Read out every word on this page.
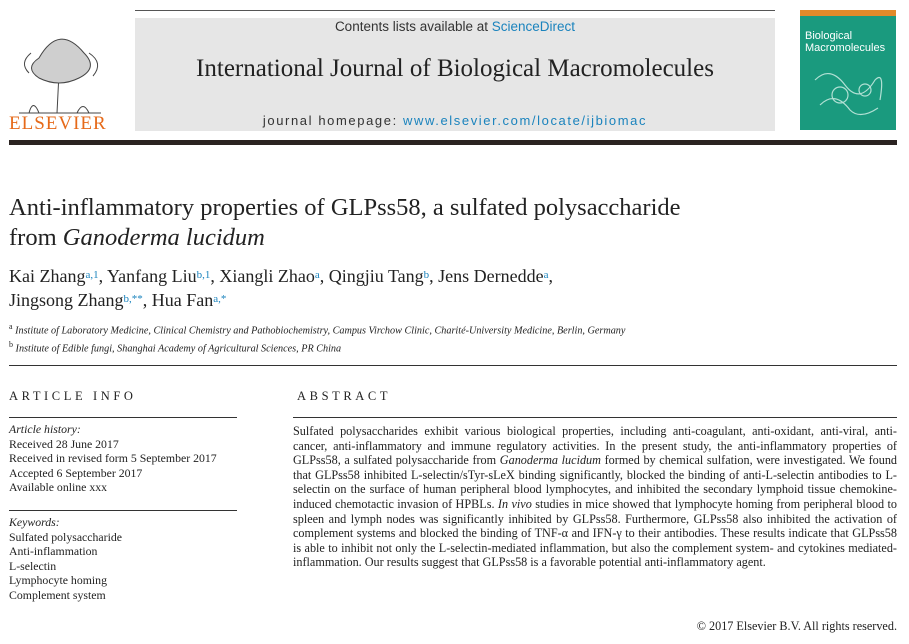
ELSEVIER
Contents lists available at ScienceDirect
International Journal of Biological Macromolecules
journal homepage: www.elsevier.com/locate/ijbiomac
Biological Macromolecules
Anti-inflammatory properties of GLPss58, a sulfated polysaccharide
from Ganoderma lucidum
Kai Zhang$^{a,1}$, Yanfang Liu$^{b,1}$, Xiangli Zhao$^a$, Qingjiu Tang$^b$, Jens Dernedde$^a$,
Jingsong Zhang$^{b,**}$, Hua Fan$^{a,*}$
$^a$ Institute of Laboratory Medicine, Clinical Chemistry and Pathobiochemistry, Campus Virchow Clinic, Charité-University Medicine, Berlin, Germany
$^b$ Institute of Edible fungi, Shanghai Academy of Agricultural Sciences, PR China
ARTICLE INFO	ABSTRACT
Article history:
Received 28 June 2017
Received in revised form 5 September 2017
Accepted 6 September 2017
Available online xxx
Keywords:
Sulfated polysaccharide
Anti-inflammation
L-selectin
Lymphocyte homing
Complement system
Sulfated polysaccharides exhibit various biological properties, including anti-coagulant, anti-oxidant, anti-viral, anti-cancer, anti-inflammatory and immune regulatory activities. In the present study, the anti-inflammatory properties of GLPss58, a sulfated polysaccharide from Ganoderma lucidum formed by chemical sulfation, were investigated. We found that GLPss58 inhibited L-selectin/sTyr-sLeX binding significantly, blocked the binding of anti-L-selectin antibodies to L-selectin on the surface of human peripheral blood lymphocytes, and inhibited the secondary lymphoid tissue chemokine-induced chemotactic invasion of HPBLs. In vivo studies in mice showed that lymphocyte homing from peripheral blood to spleen and lymph nodes was significantly inhibited by GLPss58. Furthermore, GLPss58 also inhibited the activation of complement systems and blocked the binding of TNF-α and IFN-γ to their antibodies. These results indicate that GLPss58 is able to inhibit not only the L-selectin-mediated inflammation, but also the complement system- and cytokines mediated-inflammation. Our results suggest that GLPss58 is a favorable potential anti-inflammatory agent.
© 2017 Elsevier B.V. All rights reserved.
